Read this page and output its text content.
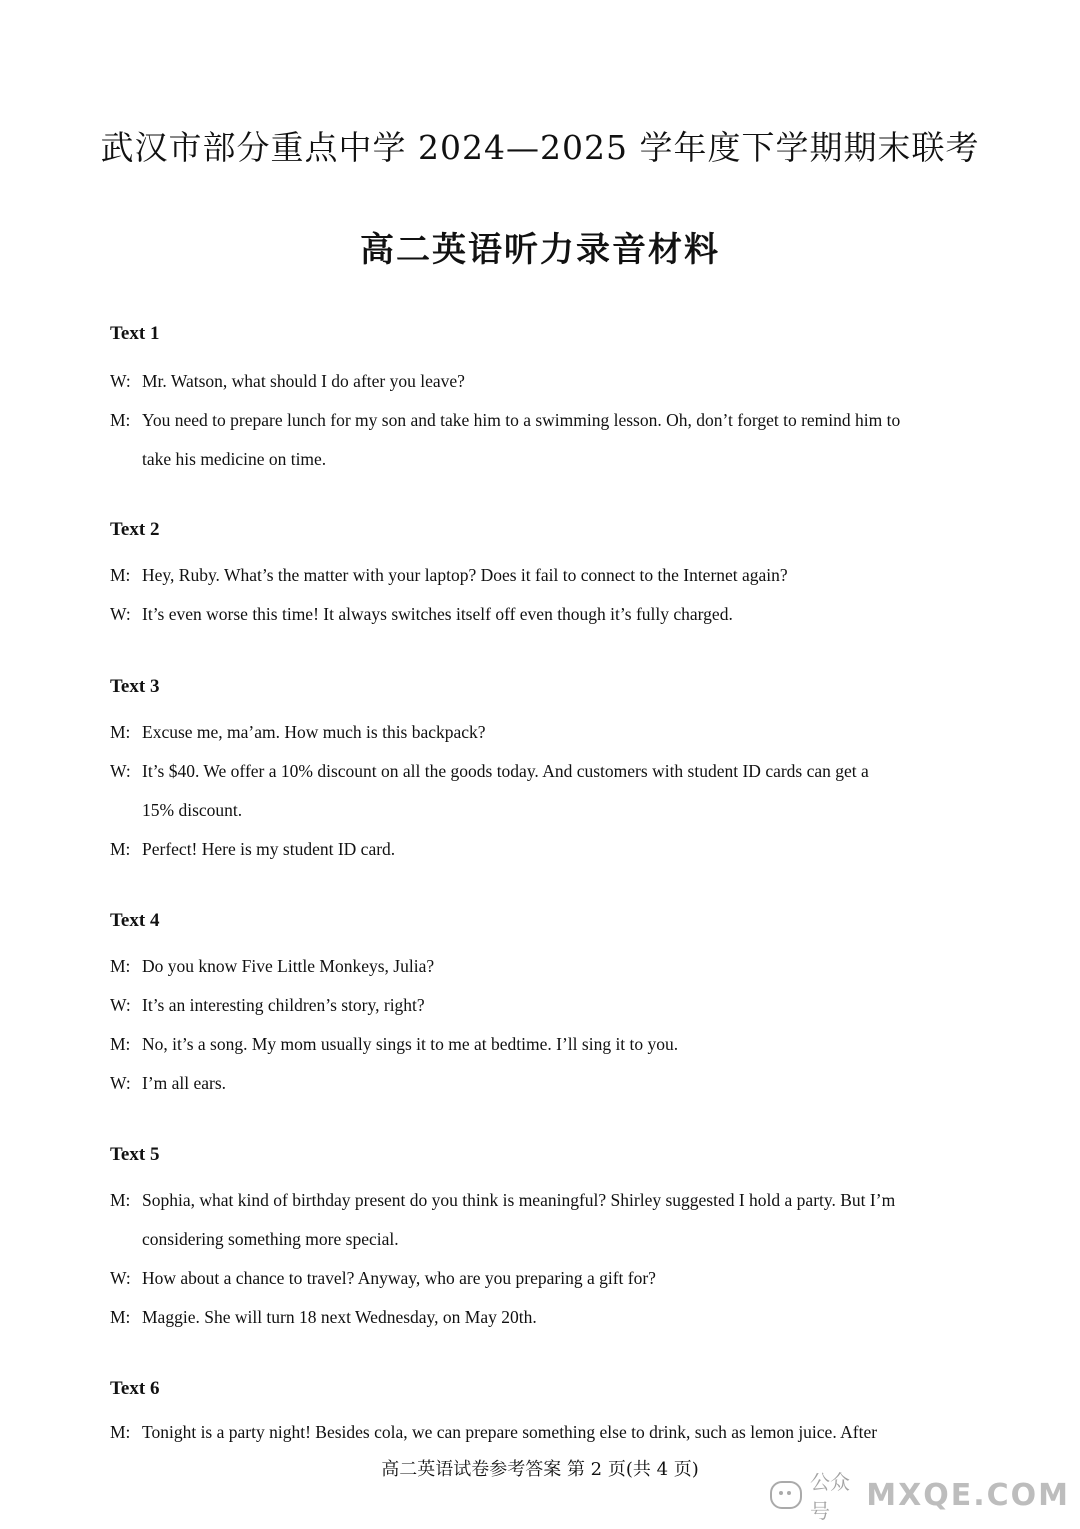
武汉市部分重点中学 2024—2025 学年度下学期期末联考
高二英语听力录音材料
Text 1
W: Mr. Watson, what should I do after you leave?
M: You need to prepare lunch for my son and take him to a swimming lesson. Oh, don’t forget to remind him to
take his medicine on time.
Text 2
M: Hey, Ruby. What’s the matter with your laptop? Does it fail to connect to the Internet again?
W: It’s even worse this time! It always switches itself off even though it’s fully charged.
Text 3
M: Excuse me, ma’am. How much is this backpack?
W: It’s $40. We offer a 10% discount on all the goods today. And customers with student ID cards can get a
15% discount.
M: Perfect! Here is my student ID card.
Text 4
M: Do you know Five Little Monkeys, Julia?
W: It’s an interesting children’s story, right?
M: No, it’s a song. My mom usually sings it to me at bedtime. I’ll sing it to you.
W: I’m all ears.
Text 5
M: Sophia, what kind of birthday present do you think is meaningful? Shirley suggested I hold a party. But I’m
considering something more special.
W: How about a chance to travel? Anyway, who are you preparing a gift for?
M: Maggie. She will turn 18 next Wednesday, on May 20th.
Text 6
M: Tonight is a party night! Besides cola, we can prepare something else to drink, such as lemon juice. After
高二英语试卷参考答案 第 2 页(共 4 页)
公众号	MXQE.COM
